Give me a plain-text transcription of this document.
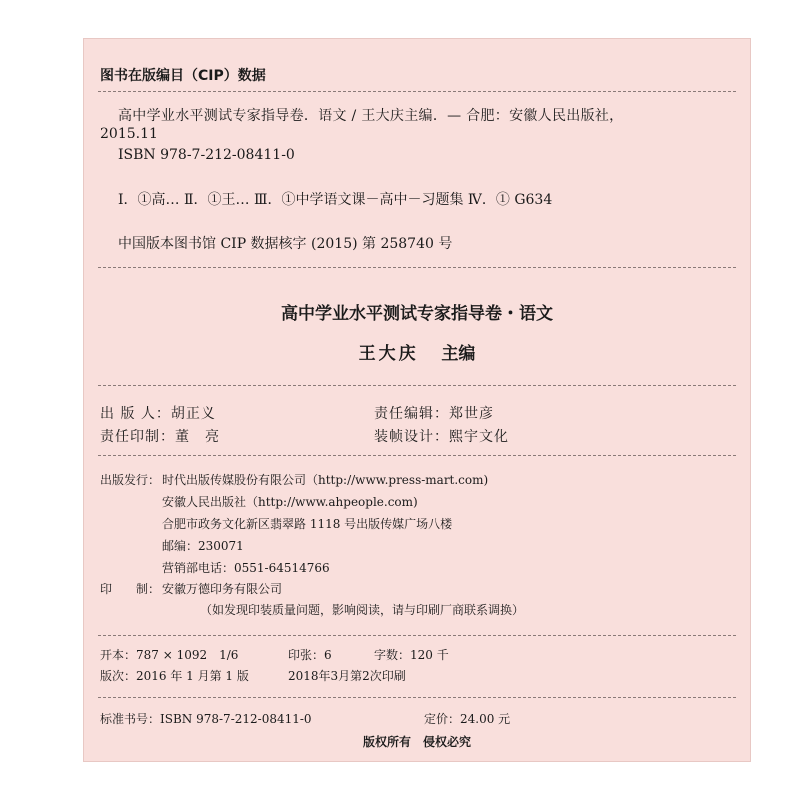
图书在版编目（CIP）数据
高中学业水平测试专家指导卷．语文 / 王大庆主编．— 合肥：安徽人民出版社，
2015.11
ISBN 978-7-212-08411-0
Ⅰ．①高… Ⅱ．①王… Ⅲ．①中学语文课－高中－习题集 Ⅳ．① G634
中国版本图书馆 CIP 数据核字 (2015) 第 258740 号
高中学业水平测试专家指导卷・语文
王大庆 主编
出 版 人：胡正义	责任编辑：郑世彦
责任印制：董　亮	装帧设计：熙宇文化
出版发行： 时代出版传媒股份有限公司（http://www.press-mart.com)
安徽人民出版社（http://www.ahpeople.com)
合肥市政务文化新区翡翠路 1118 号出版传媒广场八楼
邮编：230071
营销部电话：0551-64514766
印　　制： 安徽万德印务有限公司
（如发现印装质量问题，影响阅读，请与印刷厂商联系调换）
开本：787 × 1092　1/6	印张：6	字数：120 千
版次：2016 年 1 月第 1 版	2018年3月第2次印刷
标准书号：ISBN 978-7-212-08411-0	定价：24.00 元
版权所有　侵权必究
